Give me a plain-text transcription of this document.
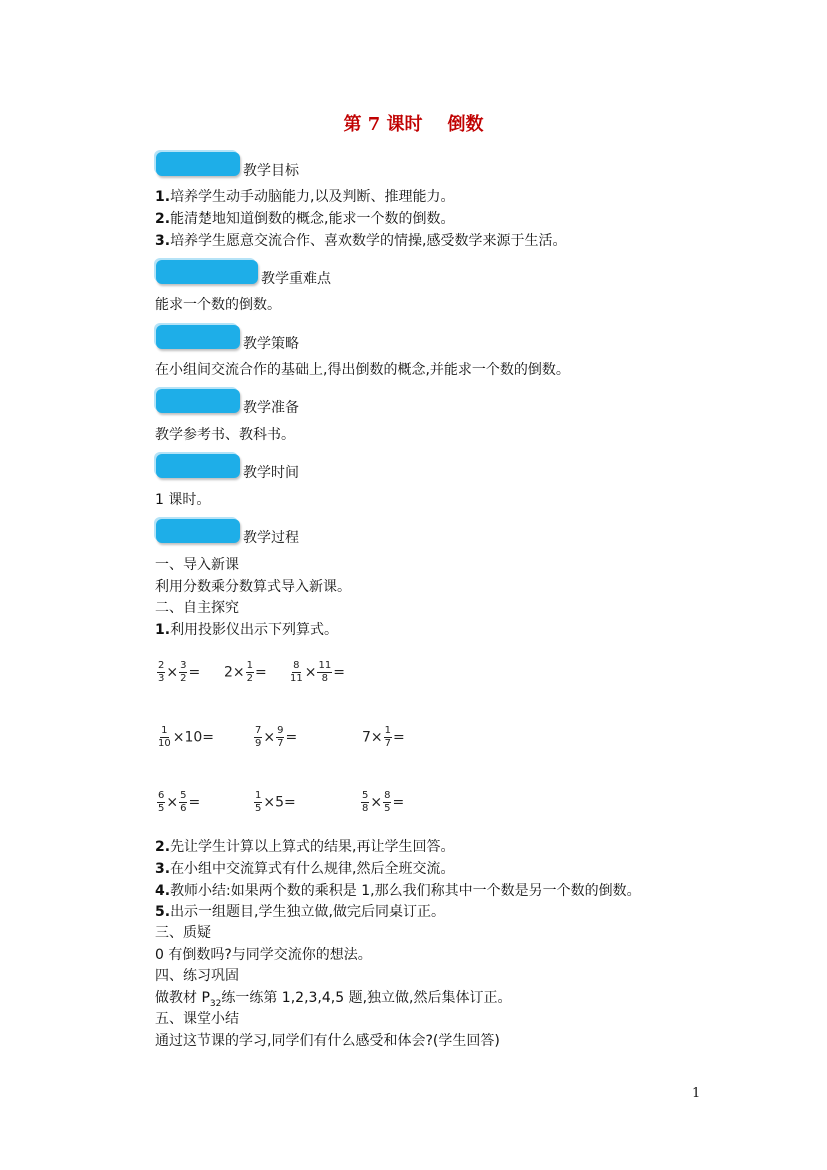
第 7 课时    倒数
教学目标
1.培养学生动手动脑能力,以及判断、推理能力。
2.能清楚地知道倒数的概念,能求一个数的倒数。
3.培养学生愿意交流合作、喜欢数学的情操,感受数学来源于生活。
教学重难点
能求一个数的倒数。
教学策略
在小组间交流合作的基础上,得出倒数的概念,并能求一个数的倒数。
教学准备
教学参考书、教科书。
教学时间
1 课时。
教学过程
一、导入新课
利用分数乘分数算式导入新课。
二、自主探究
1.利用投影仪出示下列算式。
$\frac{2}{3} \times \frac{3}{2} = 2\times \frac{1}{2} = \frac{8}{11} \times \frac{11}{8}$ =
$\frac{1}{10} \times 10=$	$\frac{7}{9} \times \frac{9}{7}$ =	$7\times \frac{1}{7}$ =
$\frac{6}{5} \times \frac{5}{6}$ =	$\frac{1}{5} \times 5=$	$\frac{5}{8} \times \frac{8}{5}$ =
2.先让学生计算以上算式的结果,再让学生回答。
3.在小组中交流算式有什么规律,然后全班交流。
4.教师小结:如果两个数的乘积是 1,那么我们称其中一个数是另一个数的倒数。
5.出示一组题目,学生独立做,做完后同桌订正。
三、质疑
0 有倒数吗?与同学交流你的想法。
四、练习巩固
做教材 $P_{32}$练一练第 1,2,3,4,5 题,独立做,然后集体订正。
五、课堂小结
通过这节课的学习,同学们有什么感受和体会?(学生回答)
1
